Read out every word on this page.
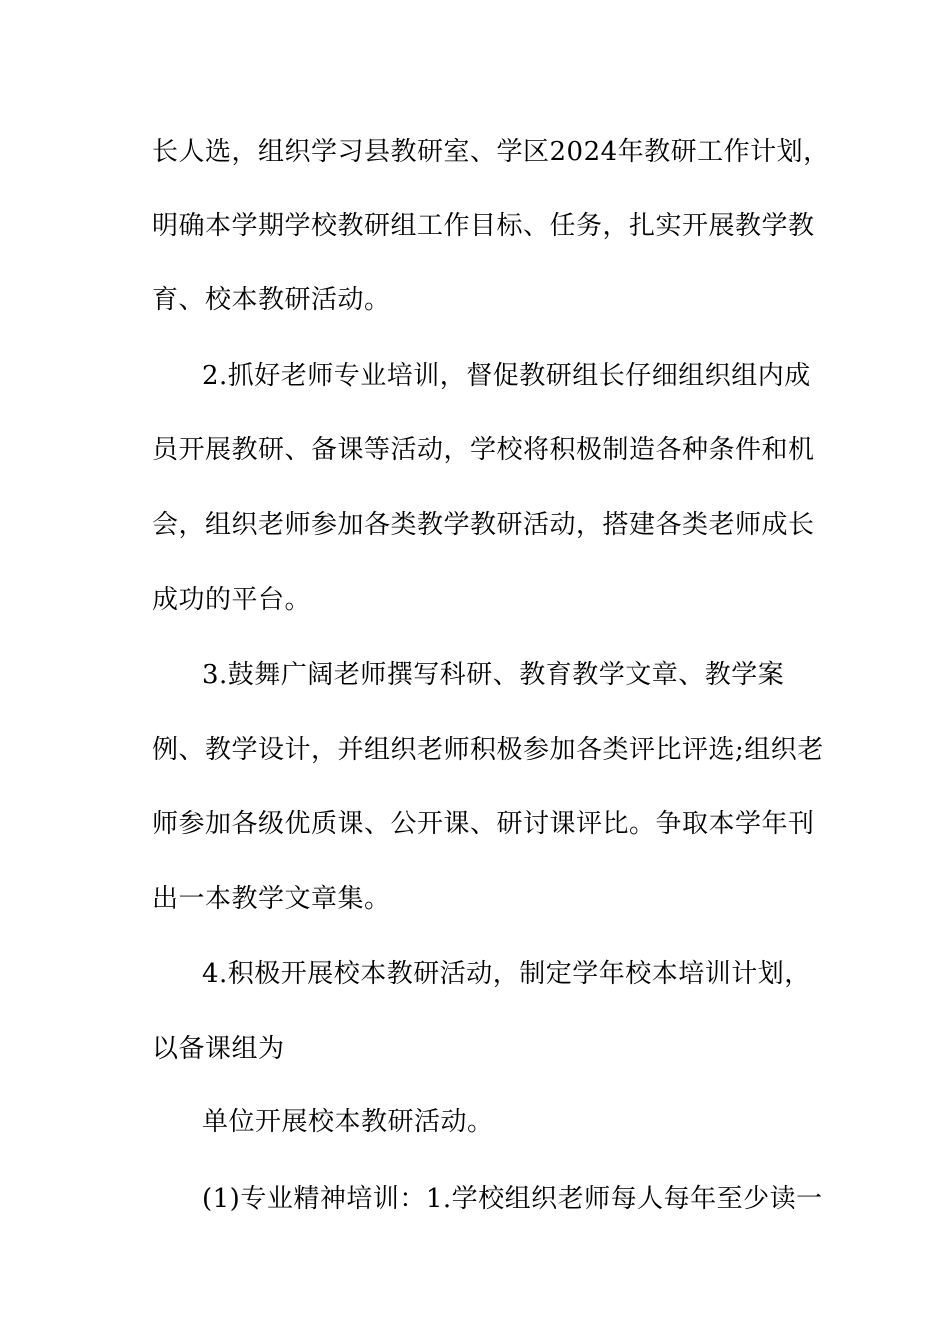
长人选，组织学习县教研室、学区2024年教研工作计划，
明确本学期学校教研组工作目标、任务，扎实开展教学教
育、校本教研活动。
2.抓好老师专业培训，督促教研组长仔细组织组内成
员开展教研、备课等活动，学校将积极制造各种条件和机
会，组织老师参加各类教学教研活动，搭建各类老师成长
成功的平台。
3.鼓舞广阔老师撰写科研、教育教学文章、教学案
例、教学设计，并组织老师积极参加各类评比评选;组织老
师参加各级优质课、公开课、研讨课评比。争取本学年刊
出一本教学文章集。
4.积极开展校本教研活动，制定学年校本培训计划，
以备课组为
单位开展校本教研活动。
(1)专业精神培训：1.学校组织老师每人每年至少读一
